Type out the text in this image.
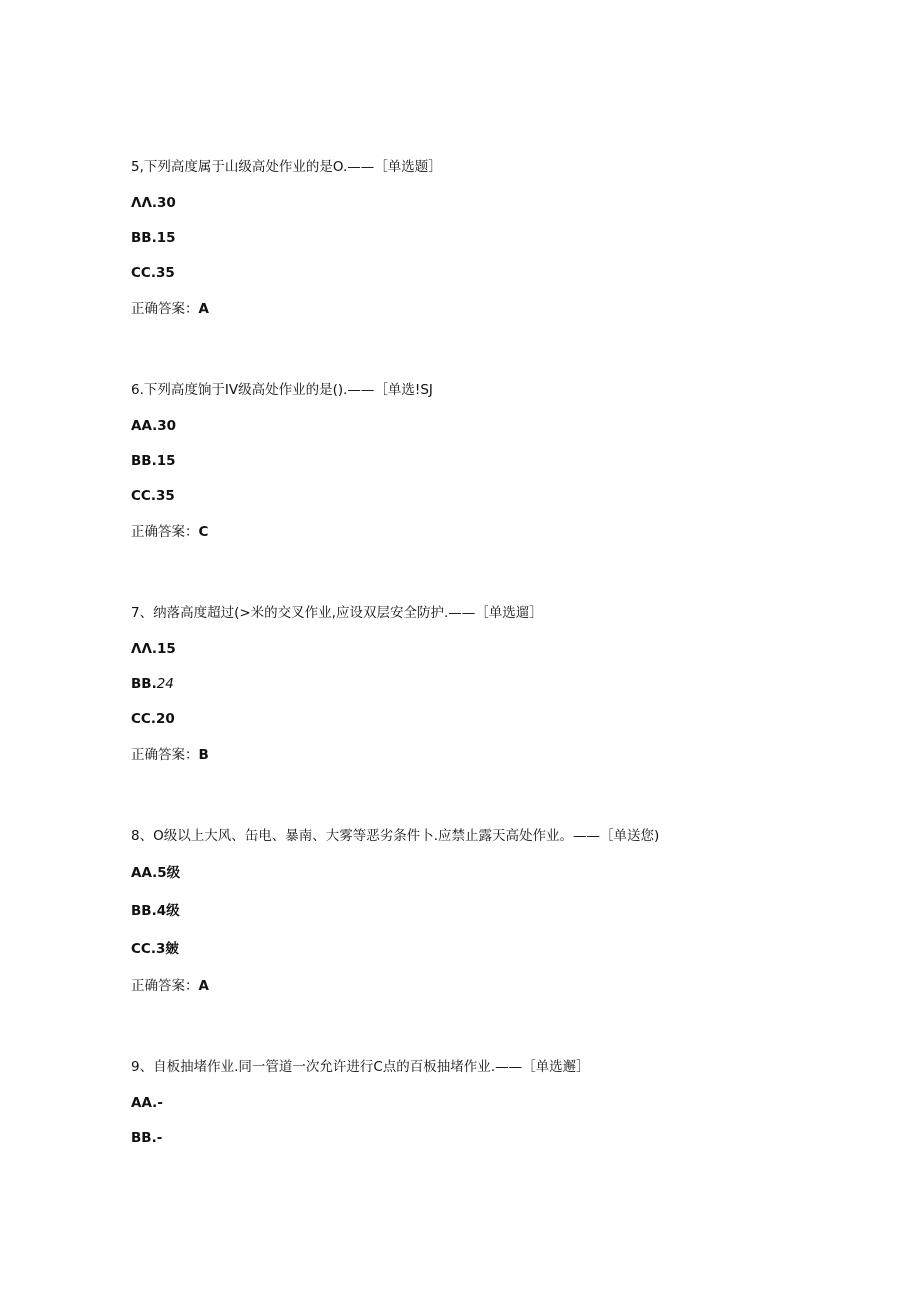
5,下列高度属于山级高处作业的是O.——［单选题］
ΛΛ.30
BB.15
CC.35
正确答案：A
6.下列高度饷于IV级高处作业的是().——［单选!SJ
AA.30
BB.15
CC.35
正确答案：C
7、纳落高度超过(>米的交叉作业,应设双层安全防护.——［单选遛］
ΛΛ.15
BB.24
CC.20
正确答案：B
8、O级以上大风、缶电、暴南、大雾等恶劣条件卜.应禁止露天高处作业。——［单送您)
AA.5级
BB.4级
CC.3皴
正确答案：A
9、自板抽堵作业.同一管道一次允许进行C点的百板抽堵作业.——［单选邂］
AA.-
BB.-
